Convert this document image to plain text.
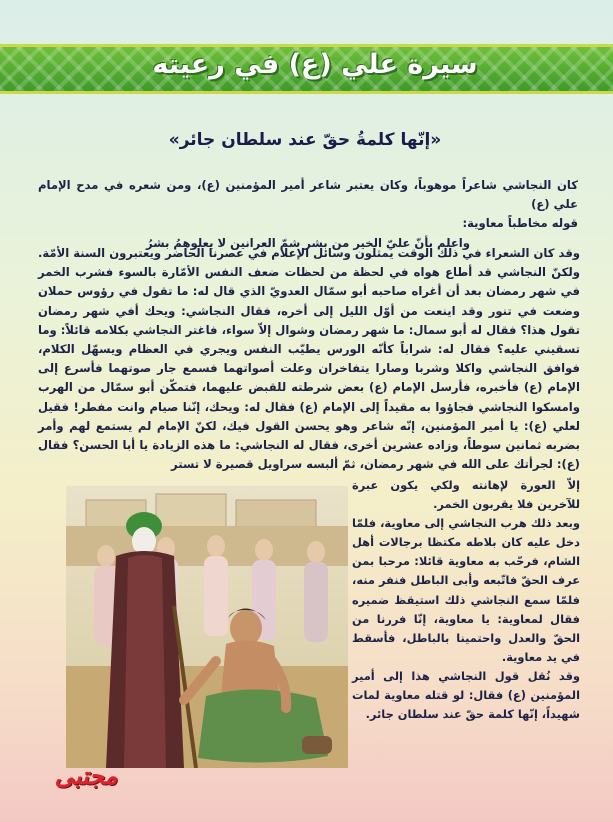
سيرة علي (ع) في رعيته
«إنّها كلمةُ حقّ عند سلطان جائر»

كان النجاشي شاعراً موهوباً، وكان يعتبر شاعر أمير المؤمنين (ع)، ومن شعره في مدح الإمام علي (ع)

قوله مخاطباً معاوية:

واعلم بأنّ عليّ الخير من بشر شمّ العرانين لا يعلوهمُ بشرُ

وقد كان الشعراء في ذلك الوقت يمثلون وسائل الإعلام في عصرنا الحاضر ويعتبرون السنة الأمّة. ولكنّ النجاشي قد أطاع هواه في لحظة من لحظات ضعف النفس الأمّارة بالسوء فشرب الخمر في شهر رمضان بعد أن أغراه صاحبه أبو سمّال العدويّ الذي قال له: ما تقول في رؤوس حملان وضعت في تنور وقد اينعت من أوّل الليل إلى أخره، فقال النجاشي: ويحك أفي شهر رمضان تقول هذا؟ فقال له أبو سمال: ما شهر رمضان وشوال إلاّ سواء، فاغتر النجاشي بكلامه قائلاً: وما تسقيني عليه؟ فقال له: شراباً كأنّه الورس يطيّب النفس ويجري في العظام ويسهّل الكلام، فوافق النجاشي واكلا وشربا وصارا يتفاخران وعلت أصواتهما فسمع جار صوتهما فأسرع إلى الإمام (ع) فأخبره، فأرسل الإمام (ع) بعض شرطته للقبض عليهما، فتمكّن أبو سمّال من الهرب وامسكوا النجاشي فجاؤوا به مقيداً إلى الإمام (ع) فقال له: ويحك، إنّنا صيام وانت مفطر! فقيل لعلي (ع): يا أمير المؤمنين، إنّه شاعر وهو يحسن القول فيك، لكنّ الإمام لم يستمع لهم وأمر بضربه ثمانين سوطاً، وزاده عشرين أخرى، فقال له النجاشي: ما هذه الزيادة يا أبا الحسن؟ فقال (ع): لجرأتك على الله في شهر رمضان، ثمّ ألبسه سراويل قصيرة لا تستر

إلاّ العورة لإهانته ولكي يكون عبرة للآخرين فلا يقربون الخمر.

وبعد ذلك هرب النجاشي إلى معاوية، فلمّا دخل عليه كان بلاطه مكتظا برجالات أهل الشام، فرحّب به معاوية قائلا: مرحبا بمن عرف الحقّ فاتّبعه وأبى الباطل فنفر منه، فلمّا سمع النجاشي ذلك استيقظ ضميره فقال لمعاوية: يا معاوية، إنّا فررنا من الحقّ والعدل واحتمينا بالباطل، فأسقط في يد معاوية.

وقد نُقل قول النجاشي هذا إلى أمير المؤمنين (ع) فقال: لو قتله معاوية لمات شهيداً، إنّها كلمة حقّ عند سلطان جائر.

مجتبى
